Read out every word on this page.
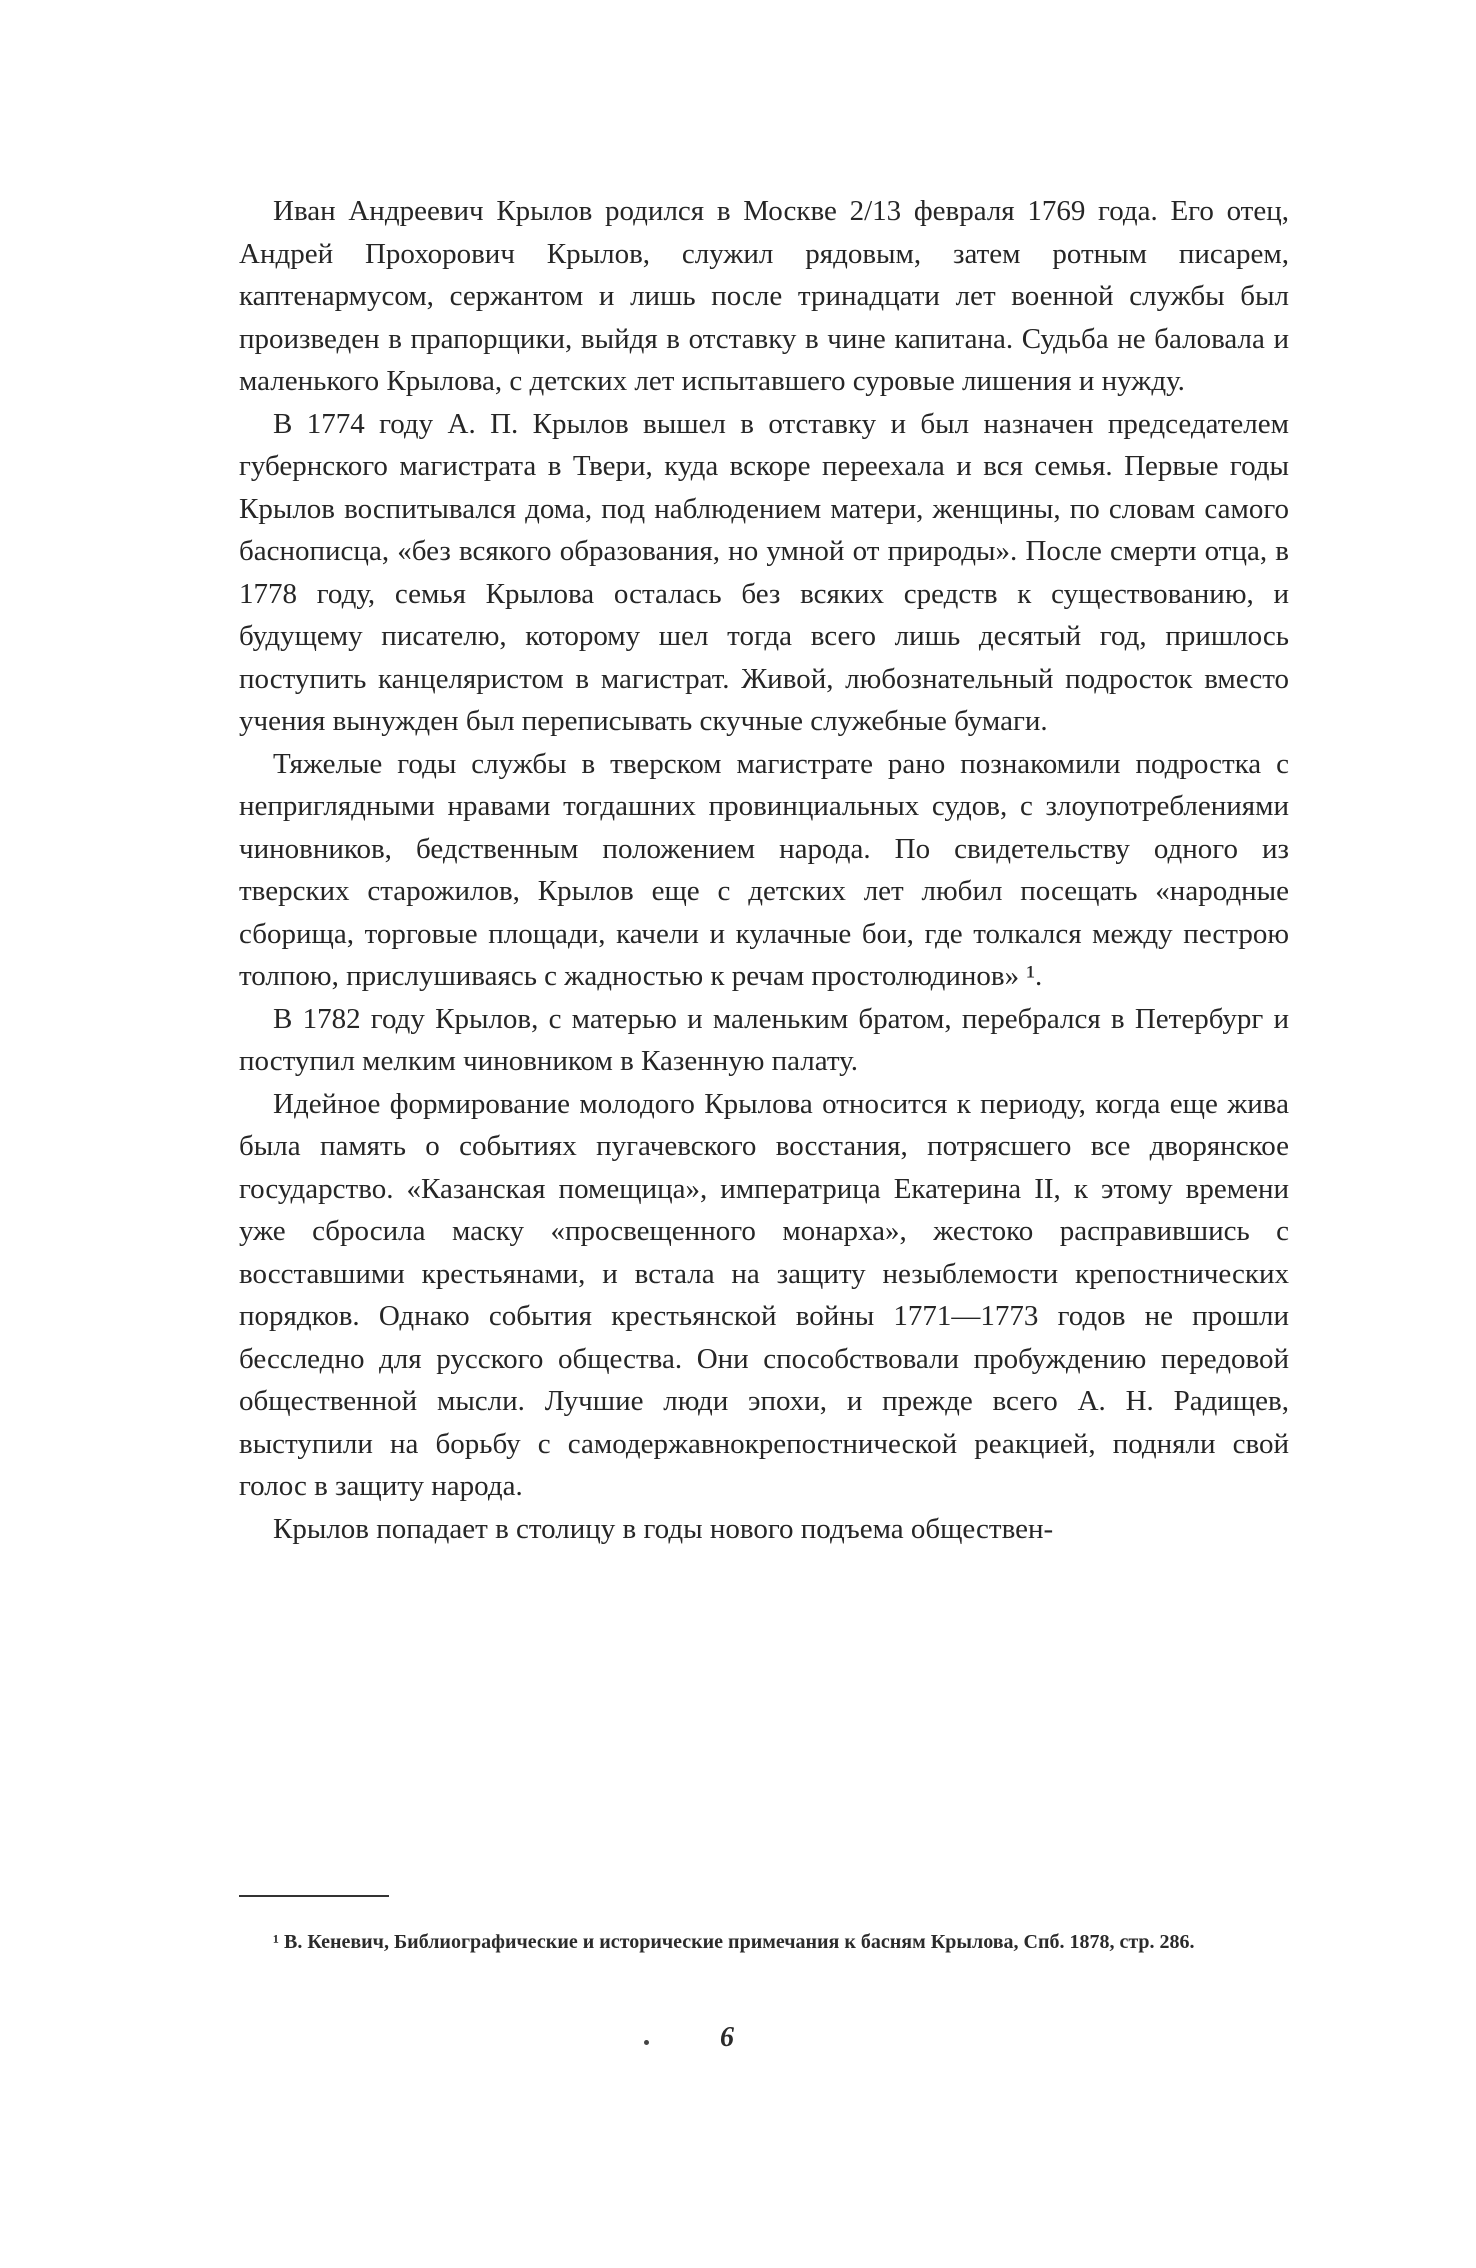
Иван Андреевич Крылов родился в Москве 2/13 февраля 1769 года. Его отец, Андрей Прохорович Крылов, служил рядовым, затем ротным писарем, каптенармусом, сержантом и лишь после тринадцати лет военной службы был произведен в прапорщики, выйдя в отставку в чине капитана. Судьба не баловала и маленького Крылова, с детских лет испытавшего суровые лишения и нужду.

В 1774 году А. П. Крылов вышел в отставку и был назначен председателем губернского магистрата в Твери, куда вскоре переехала и вся семья. Первые годы Крылов воспитывался дома, под наблюдением матери, женщины, по словам самого баснописца, «без всякого образования, но умной от природы». После смерти отца, в 1778 году, семья Крылова осталась без всяких средств к существованию, и будущему писателю, которому шел тогда всего лишь десятый год, пришлось поступить канцеляристом в магистрат. Живой, любознательный подросток вместо учения вынужден был переписывать скучные служебные бумаги.

Тяжелые годы службы в тверском магистрате рано познакомили подростка с неприглядными нравами тогдашних провинциальных судов, с злоупотреблениями чиновников, бедственным положением народа. По свидетельству одного из тверских старожилов, Крылов еще с детских лет любил посещать «народные сборища, торговые площади, качели и кулачные бои, где толкался между пестрою толпою, прислушиваясь с жадностью к речам простолюдинов» ¹.

В 1782 году Крылов, с матерью и маленьким братом, перебрался в Петербург и поступил мелким чиновником в Казенную палату.

Идейное формирование молодого Крылова относится к периоду, когда еще жива была память о событиях пугачевского восстания, потрясшего все дворянское государство. «Казанская помещица», императрица Екатерина II, к этому времени уже сбросила маску «просвещенного монарха», жестоко расправившись с восставшими крестьянами, и встала на защиту незыблемости крепостнических порядков. Однако события крестьянской войны 1771—1773 годов не прошли бесследно для русского общества. Они способствовали пробуждению передовой общественной мысли. Лучшие люди эпохи, и прежде всего А. Н. Радищев, выступили на борьбу с самодержавнокрепостнической реакцией, подняли свой голос в защиту народа.

Крылов попадает в столицу в годы нового подъема обществен-

¹ В. Кеневич, Библиографические и исторические примечания к басням Крылова, Спб. 1878, стр. 286.

6
